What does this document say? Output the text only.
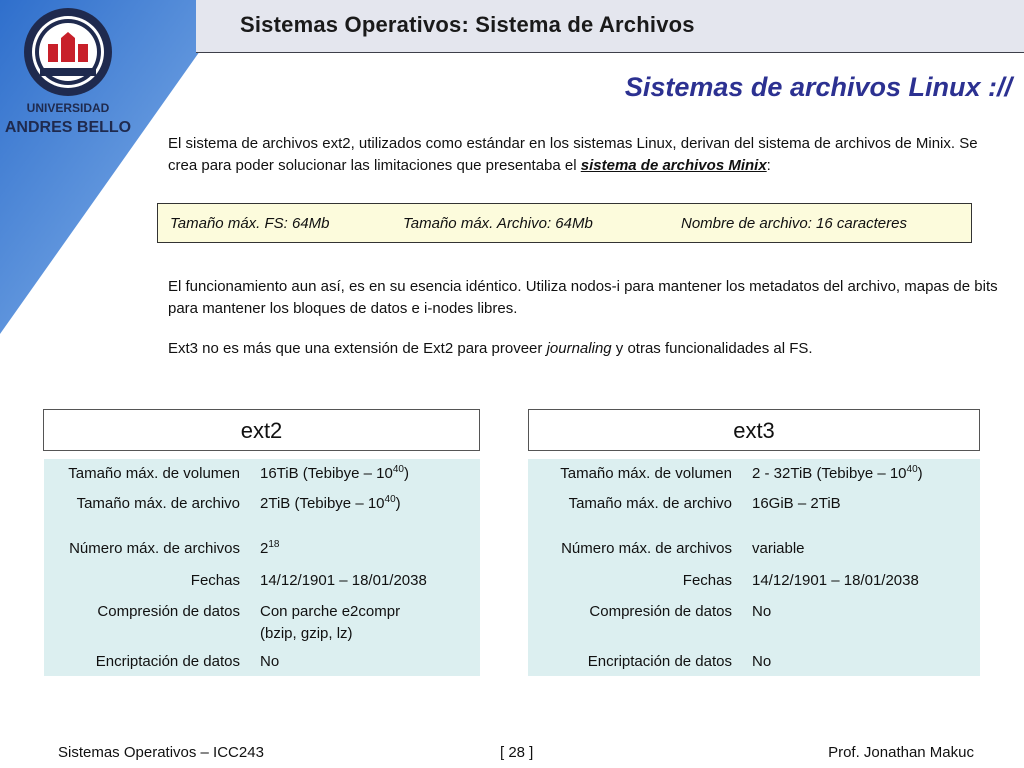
Sistemas Operativos: Sistema de Archivos
UNIVERSIDAD
ANDRES BELLO
Sistemas de archivos Linux ://
El sistema de archivos ext2, utilizados como estándar en los sistemas Linux, derivan del sistema de archivos de Minix. Se crea para poder solucionar las limitaciones que presentaba el sistema de archivos Minix:
Tamaño máx. FS: 64Mb	Tamaño máx. Archivo: 64Mb	Nombre de archivo: 16 caracteres
El funcionamiento aun así, es en su esencia idéntico. Utiliza nodos-i para mantener los metadatos del archivo, mapas de bits para mantener los bloques de datos e i-nodes libres.
Ext3 no es más que una extensión de Ext2 para proveer journaling y otras funcionalidades al FS.
ext2
Tamaño máx. de volumen	16TiB (Tebibye – $10^{40}$)
Tamaño máx. de archivo	2TiB (Tebibye – $10^{40}$)
Número máx. de archivos	$2^{18}$
Fechas	14/12/1901 – 18/01/2038
Compresión de datos	Con parche e2compr
(bzip, gzip, lz)
Encriptación de datos	No
ext3
Tamaño máx. de volumen	2 - 32TiB (Tebibye – $10^{40}$)
Tamaño máx. de archivo	16GiB – 2TiB
Número máx. de archivos	variable
Fechas	14/12/1901 – 18/01/2038
Compresión de datos	No
Encriptación de datos	No
Sistemas Operativos – ICC243	[ 28 ]	Prof. Jonathan Makuc
